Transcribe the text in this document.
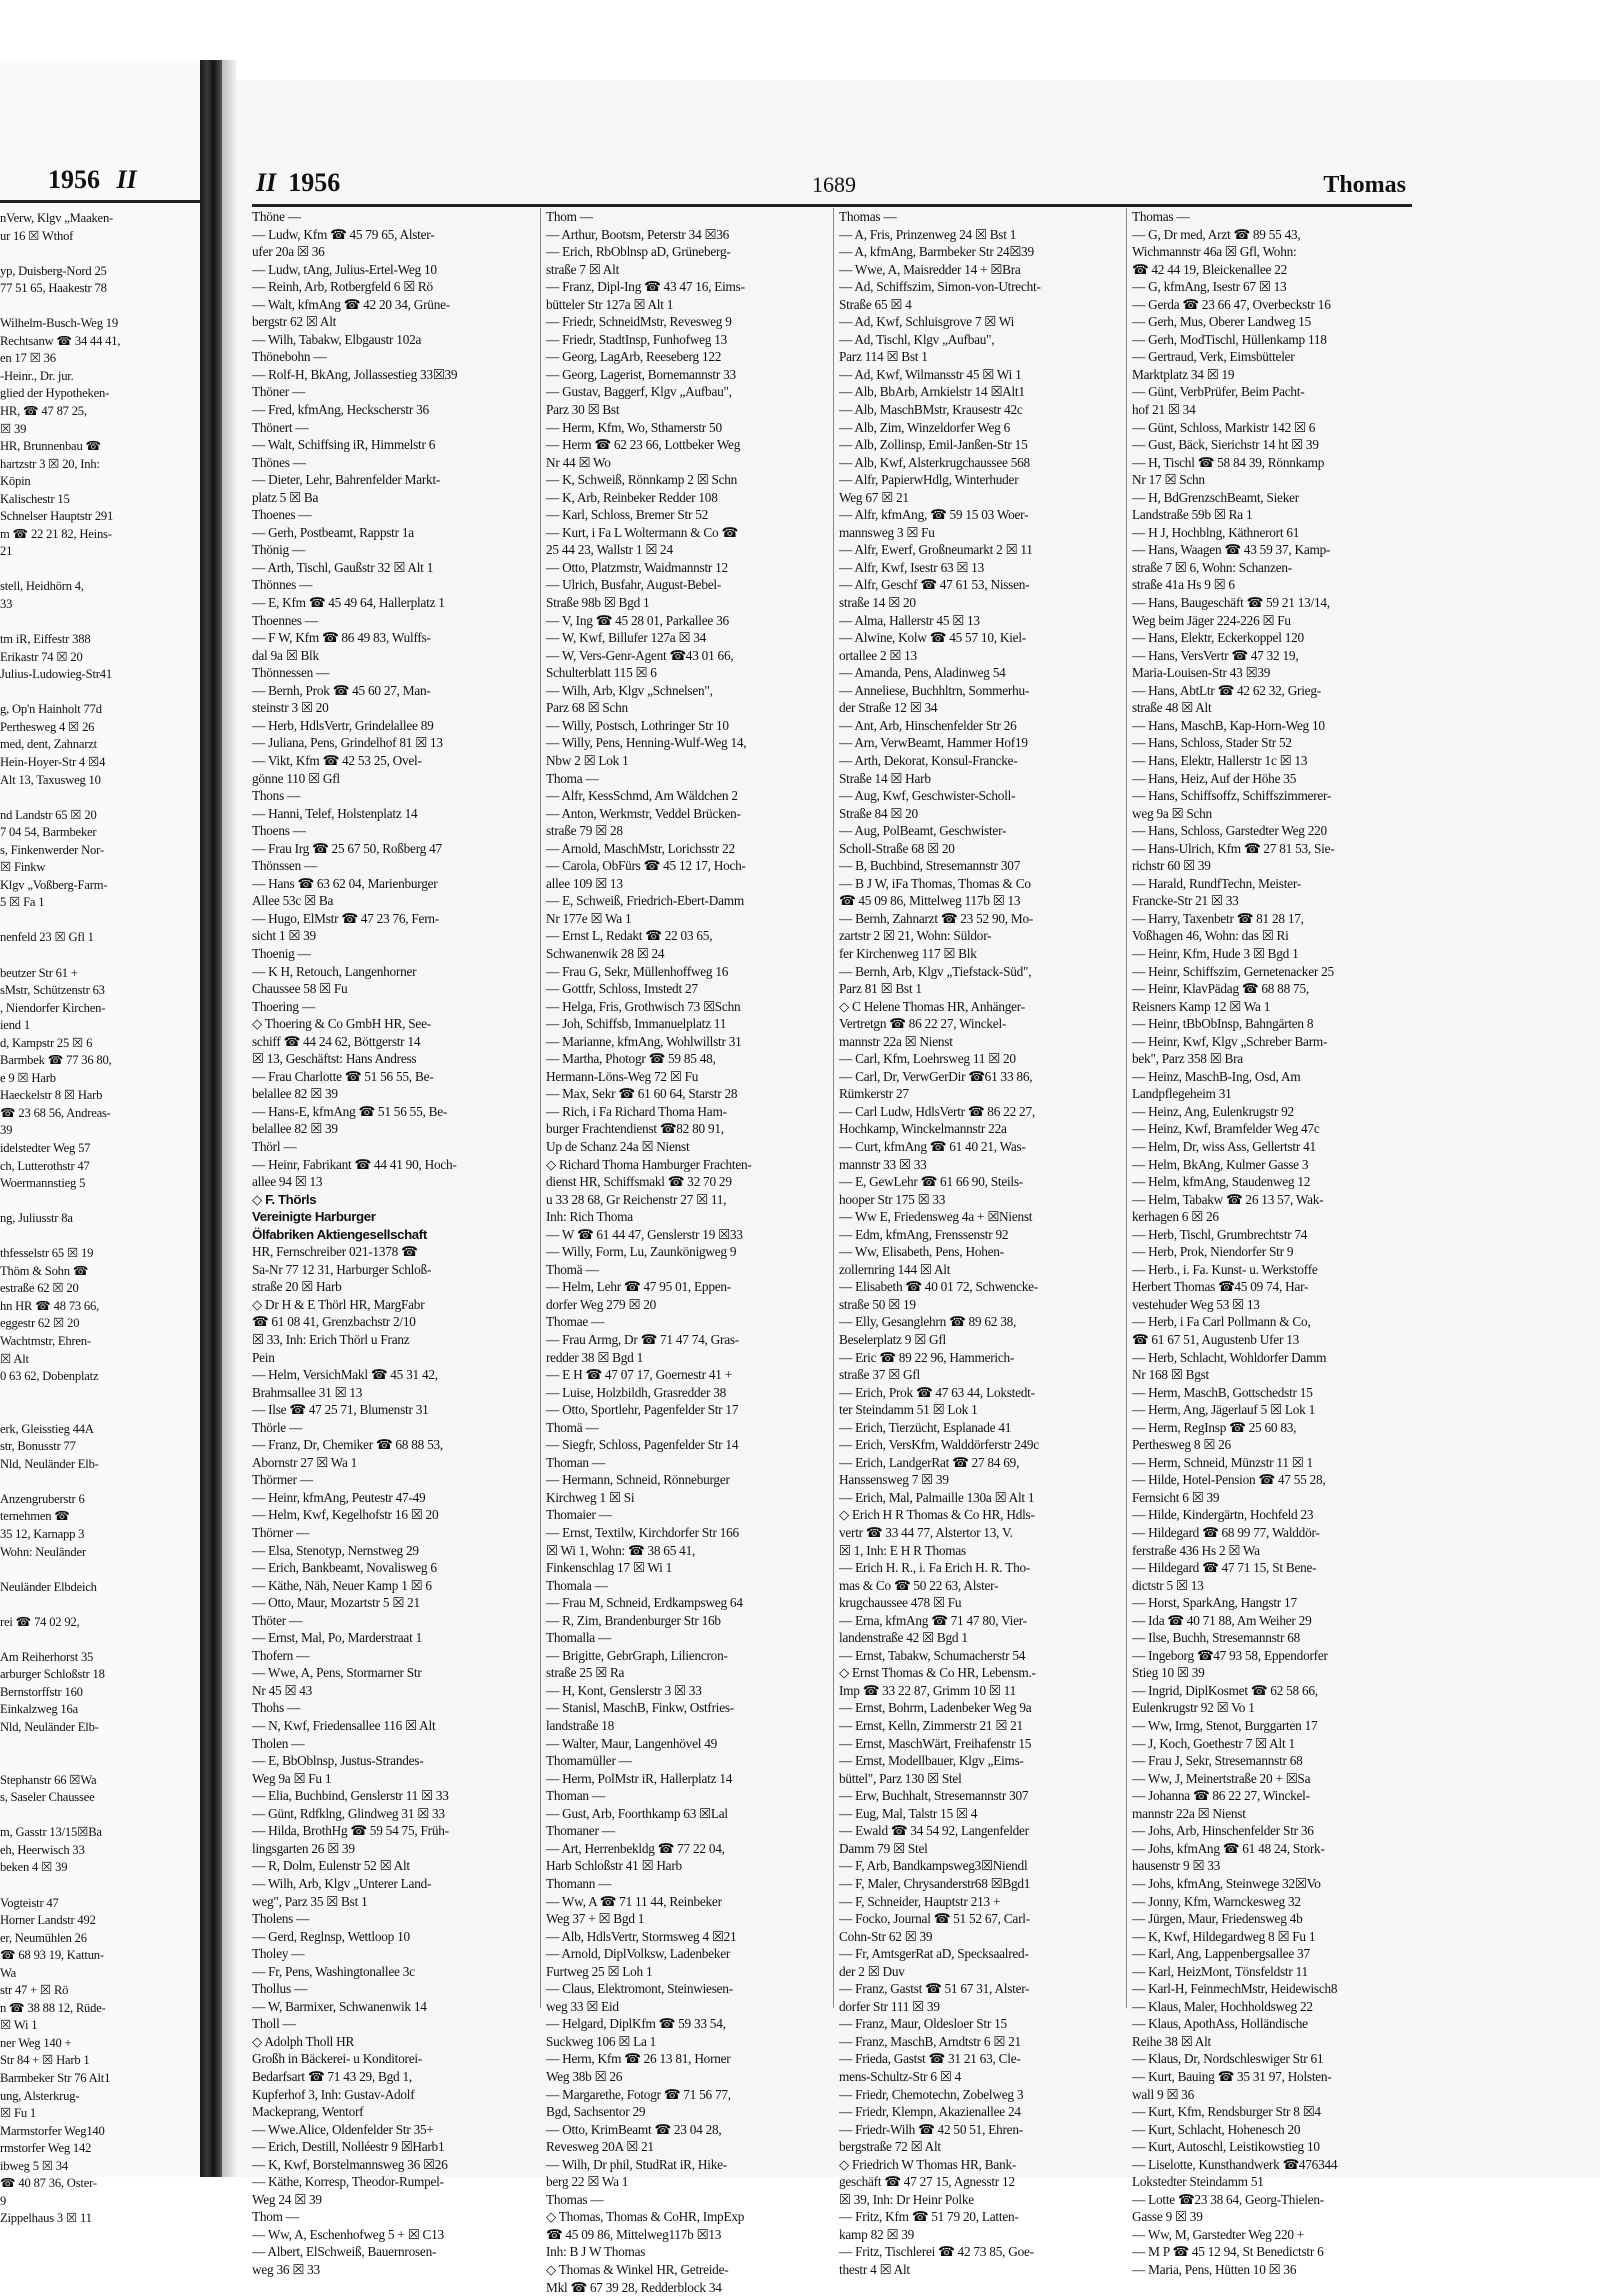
1956 II
nVerw, Klgv „Maaken-
ur 16 ☒ Wthof
yp, Duisberg-Nord 25
77 51 65, Haakestr 78
Wilhelm-Busch-Weg 19
Rechtsanw ☎ 34 44 41,
en 17 ☒ 36
-Heinr., Dr. jur.
glied der Hypotheken-
HR, ☎ 47 87 25,
☒ 39
HR, Brunnenbau ☎
hartzstr 3 ☒ 20, Inh:
Köpin
Kalischestr 15
Schnelser Hauptstr 291
m ☎ 22 21 82, Heins-
21
stell, Heidhörn 4,
33
tm iR, Eiffestr 388
Erikastr 74 ☒ 20
Julius-Ludowieg-Str41
g, Op'n Hainholt 77d
Perthesweg 4 ☒ 26
med, dent, Zahnarzt
Hein-Hoyer-Str 4 ☒4
Alt 13, Taxusweg 10
nd Landstr 65 ☒ 20
7 04 54, Barmbeker
s, Finkenwerder Nor-
☒ Finkw
Klgv „Voßberg-Farm-
5 ☒ Fa 1
nenfeld 23 ☒ Gfl 1
beutzer Str 61 +
sMstr, Schützenstr 63
, Niendorfer Kirchen-
iend 1
d, Kampstr 25 ☒ 6
Barmbek ☎ 77 36 80,
e 9 ☒ Harb
Haeckelstr 8 ☒ Harb
☎ 23 68 56, Andreas-
39
idelstedter Weg 57
ch, Lutterothstr 47
Woermannstieg 5
ng, Juliusstr 8a
thfesselstr 65 ☒ 19
Thöm & Sohn ☎
estraße 62 ☒ 20
hn HR ☎ 48 73 66,
eggestr 62 ☒ 20
Wachtmstr, Ehren-
☒ Alt
0 63 62, Dobenplatz
erk, Gleisstieg 44A
str, Bonusstr 77
Nld, Neuländer Elb-
Anzengruberstr 6
ternehmen ☎
35 12, Karnapp 3
Wohn: Neuländer
Neuländer Elbdeich
rei ☎ 74 02 92,
Am Reiherhorst 35
arburger Schloßstr 18
Bernstorffstr 160
Einkalzweg 16a
Nld, Neuländer Elb-
Stephanstr 66 ☒Wa
s, Saseler Chaussee
m, Gasstr 13/15☒Ba
eh, Heerwisch 33
beken 4 ☒ 39
Vogteistr 47
Horner Landstr 492
er, Neumühlen 26
☎ 68 93 19, Kattun-
Wa
str 47 + ☒ Rö
n ☎ 38 88 12, Rüde-
☒ Wi 1
ner Weg 140 +
Str 84 + ☒ Harb 1
Barmbeker Str 76 Alt1
ung, Alsterkrug-
☒ Fu 1
Marmstorfer Weg140
rmstorfer Weg 142
ibweg 5 ☒ 34
☎ 40 87 36, Oster-
9
Zippelhaus 3 ☒ 11
II 1956	1689	Thomas
Thöne —
— Ludw, Kfm ☎ 45 79 65, Alster-
ufer 20a ☒ 36
— Ludw, tAng, Julius-Ertel-Weg 10
— Reinh, Arb, Rotbergfeld 6 ☒ Rö
— Walt, kfmAng ☎ 42 20 34, Grüne-
bergstr 62 ☒ Alt
— Wilh, Tabakw, Elbgaustr 102a
Thönebohn —
— Rolf-H, BkAng, Jollassestieg 33☒39
Thöner —
— Fred, kfmAng, Heckscherstr 36
Thönert —
— Walt, Schiffsing iR, Himmelstr 6
Thönes —
— Dieter, Lehr, Bahrenfelder Markt-
platz 5 ☒ Ba
Thoenes —
— Gerh, Postbeamt, Rappstr 1a
Thönig —
— Arth, Tischl, Gaußstr 32 ☒ Alt 1
Thönnes —
— E, Kfm ☎ 45 49 64, Hallerplatz 1
Thoennes —
— F W, Kfm ☎ 86 49 83, Wulffs-
dal 9a ☒ Blk
Thönnessen —
— Bernh, Prok ☎ 45 60 27, Man-
steinstr 3 ☒ 20
— Herb, HdlsVertr, Grindelallee 89
— Juliana, Pens, Grindelhof 81 ☒ 13
— Vikt, Kfm ☎ 42 53 25, Ovel-
gönne 110 ☒ Gfl
Thons —
— Hanni, Telef, Holstenplatz 14
Thoens —
— Frau Irg ☎ 25 67 50, Roßberg 47
Thönssen —
— Hans ☎ 63 62 04, Marienburger
Allee 53c ☒ Ba
— Hugo, ElMstr ☎ 47 23 76, Fern-
sicht 1 ☒ 39
Thoenig —
— K H, Retouch, Langenhorner
Chaussee 58 ☒ Fu
Thoering —
◇ Thoering & Co GmbH HR, See-
schiff ☎ 44 24 62, Böttgerstr 14
☒ 13, Geschäftst: Hans Andress
— Frau Charlotte ☎ 51 56 55, Be-
belallee 82 ☒ 39
— Hans-E, kfmAng ☎ 51 56 55, Be-
belallee 82 ☒ 39
Thörl —
— Heinr, Fabrikant ☎ 44 41 90, Hoch-
allee 94 ☒ 13
◇ F. Thörls
Vereinigte Harburger
Ölfabriken Aktiengesellschaft
HR, Fernschreiber 021-1378 ☎
Sa-Nr 77 12 31, Harburger Schloß-
straße 20 ☒ Harb
◇ Dr H & E Thörl HR, MargFabr
☎ 61 08 41, Grenzbachstr 2/10
☒ 33, Inh: Erich Thörl u Franz
Pein
— Helm, VersichMakl ☎ 45 31 42,
Brahmsallee 31 ☒ 13
— Ilse ☎ 47 25 71, Blumenstr 31
Thörle —
— Franz, Dr, Chemiker ☎ 68 88 53,
Abornstr 27 ☒ Wa 1
Thörmer —
— Heinr, kfmAng, Peutestr 47-49
— Helm, Kwf, Kegelhofstr 16 ☒ 20
Thörner —
— Elsa, Stenotyp, Nernstweg 29
— Erich, Bankbeamt, Novalisweg 6
— Käthe, Näh, Neuer Kamp 1 ☒ 6
— Otto, Maur, Mozartstr 5 ☒ 21
Thöter —
— Ernst, Mal, Po, Marderstraat 1
Thofern —
— Wwe, A, Pens, Stormarner Str
Nr 45 ☒ 43
Thohs —
— N, Kwf, Friedensallee 116 ☒ Alt
Tholen —
— E, BbOblnsp, Justus-Strandes-
Weg 9a ☒ Fu 1
— Elia, Buchbind, Genslerstr 11 ☒ 33
— Günt, Rdfklng, Glindweg 31 ☒ 33
— Hilda, BrothHg ☎ 59 54 75, Früh-
lingsgarten 26 ☒ 39
— R, Dolm, Eulenstr 52 ☒ Alt
— Wilh, Arb, Klgv „Unterer Land-
weg", Parz 35 ☒ Bst 1
Tholens —
— Gerd, Reglnsp, Wettloop 10
Tholey —
— Fr, Pens, Washingtonallee 3c
Thollus —
— W, Barmixer, Schwanenwik 14
Tholl —
◇ Adolph Tholl HR
Großh in Bäckerei- u Konditorei-
Bedarfsart ☎ 71 43 29, Bgd 1,
Kupferhof 3, Inh: Gustav-Adolf
Mackeprang, Wentorf
— Wwe.Alice, Oldenfelder Str 35+
— Erich, Destill, Nolléestr 9 ☒Harb1
— K, Kwf, Borstelmannsweg 36 ☒26
— Käthe, Korresp, Theodor-Rumpel-
Weg 24 ☒ 39
Thom —
— Ww, A, Eschenhofweg 5 + ☒ C13
— Albert, ElSchweiß, Bauernrosen-
weg 36 ☒ 33
Thom —
— Arthur, Bootsm, Peterstr 34 ☒36
— Erich, RbOblnsp aD, Grüneberg-
straße 7 ☒ Alt
— Franz, Dipl-Ing ☎ 43 47 16, Eims-
bütteler Str 127a ☒ Alt 1
— Friedr, SchneidMstr, Revesweg 9
— Friedr, StadtInsp, Funhofweg 13
— Georg, LagArb, Reeseberg 122
— Georg, Lagerist, Bornemannstr 33
— Gustav, Baggerf, Klgv „Aufbau",
Parz 30 ☒ Bst
— Herm, Kfm, Wo, Sthamerstr 50
— Herm ☎ 62 23 66, Lottbeker Weg
Nr 44 ☒ Wo
— K, Schweiß, Rönnkamp 2 ☒ Schn
— K, Arb, Reinbeker Redder 108
— Karl, Schloss, Bremer Str 52
— Kurt, i Fa L Woltermann & Co ☎
25 44 23, Wallstr 1 ☒ 24
— Otto, Platzmstr, Waidmannstr 12
— Ulrich, Busfahr, August-Bebel-
Straße 98b ☒ Bgd 1
— V, Ing ☎ 45 28 01, Parkallee 36
— W, Kwf, Billufer 127a ☒ 34
— W, Vers-Genr-Agent ☎43 01 66,
Schulterblatt 115 ☒ 6
— Wilh, Arb, Klgv „Schnelsen",
Parz 68 ☒ Schn
— Willy, Postsch, Lothringer Str 10
— Willy, Pens, Henning-Wulf-Weg 14,
Nbw 2 ☒ Lok 1
Thoma —
— Alfr, KessSchmd, Am Wäldchen 2
— Anton, Werkmstr, Veddel Brücken-
straße 79 ☒ 28
— Arnold, MaschMstr, Lorichsstr 22
— Carola, ObFürs ☎ 45 12 17, Hoch-
allee 109 ☒ 13
— E, Schweiß, Friedrich-Ebert-Damm
Nr 177e ☒ Wa 1
— Ernst L, Redakt ☎ 22 03 65,
Schwanenwik 28 ☒ 24
— Frau G, Sekr, Müllenhoffweg 16
— Gottfr, Schloss, Imstedt 27
— Helga, Fris, Grothwisch 73 ☒Schn
— Joh, Schiffsb, Immanuelplatz 11
— Marianne, kfmAng, Wohlwillstr 31
— Martha, Photogr ☎ 59 85 48,
Hermann-Löns-Weg 72 ☒ Fu
— Max, Sekr ☎ 61 60 64, Starstr 28
— Rich, i Fa Richard Thoma Ham-
burger Frachtendienst ☎82 80 91,
Up de Schanz 24a ☒ Nienst
◇ Richard Thoma Hamburger Frachten-
dienst HR, Schiffsmakl ☎ 32 70 29
u 33 28 68, Gr Reichenstr 27 ☒ 11,
Inh: Rich Thoma
— W ☎ 61 44 47, Genslerstr 19 ☒33
— Willy, Form, Lu, Zaunkönigweg 9
Thomä —
— Helm, Lehr ☎ 47 95 01, Eppen-
dorfer Weg 279 ☒ 20
Thomae —
— Frau Armg, Dr ☎ 71 47 74, Gras-
redder 38 ☒ Bgd 1
— E H ☎ 47 07 17, Goernestr 41 +
— Luise, Holzbildh, Grasredder 38
— Otto, Sportlehr, Pagenfelder Str 17
Thomä —
— Siegfr, Schloss, Pagenfelder Str 14
Thoman —
— Hermann, Schneid, Rönneburger
Kirchweg 1 ☒ Si
Thomaier —
— Ernst, Textilw, Kirchdorfer Str 166
☒ Wi 1, Wohn: ☎ 38 65 41,
Finkenschlag 17 ☒ Wi 1
Thomala —
— Frau M, Schneid, Erdkampsweg 64
— R, Zim, Brandenburger Str 16b
Thomalla —
— Brigitte, GebrGraph, Liliencron-
straße 25 ☒ Ra
— H, Kont, Genslerstr 3 ☒ 33
— Stanisl, MaschB, Finkw, Ostfries-
landstraße 18
— Walter, Maur, Langenhövel 49
Thomamüller —
— Herm, PolMstr iR, Hallerplatz 14
Thoman —
— Gust, Arb, Foorthkamp 63 ☒Lal
Thomaner —
— Art, Herrenbekldg ☎ 77 22 04,
Harb Schloßstr 41 ☒ Harb
Thomann —
— Ww, A ☎ 71 11 44, Reinbeker
Weg 37 + ☒ Bgd 1
— Alb, HdlsVertr, Stormsweg 4 ☒21
— Arnold, DiplVolksw, Ladenbeker
Furtweg 25 ☒ Loh 1
— Claus, Elektromont, Steinwiesen-
weg 33 ☒ Eid
— Helgard, DiplKfm ☎ 59 33 54,
Suckweg 106 ☒ La 1
— Herm, Kfm ☎ 26 13 81, Horner
Weg 38b ☒ 26
— Margarethe, Fotogr ☎ 71 56 77,
Bgd, Sachsentor 29
— Otto, KrimBeamt ☎ 23 04 28,
Revesweg 20A ☒ 21
— Wilh, Dr phil, StudRat iR, Hike-
berg 22 ☒ Wa 1
Thomas —
◇ Thomas, Thomas & CoHR, ImpExp
☎ 45 09 86, Mittelweg117b ☒13
Inh: B J W Thomas
◇ Thomas & Winkel HR, Getreide-
Mkl ☎ 67 39 28, Redderblock 34
Thomas —
— A, Fris, Prinzenweg 24 ☒ Bst 1
— A, kfmAng, Barmbeker Str 24☒39
— Wwe, A, Maisredder 14 + ☒Bra
— Ad, Schiffszim, Simon-von-Utrecht-
Straße 65 ☒ 4
— Ad, Kwf, Schluisgrove 7 ☒ Wi
— Ad, Tischl, Klgv „Aufbau",
Parz 114 ☒ Bst 1
— Ad, Kwf, Wilmansstr 45 ☒ Wi 1
— Alb, BbArb, Arnkielstr 14 ☒Alt1
— Alb, MaschBMstr, Krausestr 42c
— Alb, Zim, Winzeldorfer Weg 6
— Alb, Zollinsp, Emil-Janßen-Str 15
— Alb, Kwf, Alsterkrugchaussee 568
— Alfr, PapierwHdlg, Winterhuder
Weg 67 ☒ 21
— Alfr, kfmAng, ☎ 59 15 03 Woer-
mannsweg 3 ☒ Fu
— Alfr, Ewerf, Großneumarkt 2 ☒ 11
— Alfr, Kwf, Isestr 63 ☒ 13
— Alfr, Geschf ☎ 47 61 53, Nissen-
straße 14 ☒ 20
— Alma, Hallerstr 45 ☒ 13
— Alwine, Kolw ☎ 45 57 10, Kiel-
ortallee 2 ☒ 13
— Amanda, Pens, Aladinweg 54
— Anneliese, Buchhltrn, Sommerhu-
der Straße 12 ☒ 34
— Ant, Arb, Hinschenfelder Str 26
— Arn, VerwBeamt, Hammer Hof19
— Arth, Dekorat, Konsul-Francke-
Straße 14 ☒ Harb
— Aug, Kwf, Geschwister-Scholl-
Straße 84 ☒ 20
— Aug, PolBeamt, Geschwister-
Scholl-Straße 68 ☒ 20
— B, Buchbind, Stresemannstr 307
— B J W, iFa Thomas, Thomas & Co
☎ 45 09 86, Mittelweg 117b ☒ 13
— Bernh, Zahnarzt ☎ 23 52 90, Mo-
zartstr 2 ☒ 21, Wohn: Süldor-
fer Kirchenweg 117 ☒ Blk
— Bernh, Arb, Klgv „Tiefstack-Süd",
Parz 81 ☒ Bst 1
◇ C Helene Thomas HR, Anhänger-
Vertretgn ☎ 86 22 27, Winckel-
mannstr 22a ☒ Nienst
— Carl, Kfm, Loehrsweg 11 ☒ 20
— Carl, Dr, VerwGerDir ☎61 33 86,
Rümkerstr 27
— Carl Ludw, HdlsVertr ☎ 86 22 27,
Hochkamp, Winckelmannstr 22a
— Curt, kfmAng ☎ 61 40 21, Was-
mannstr 33 ☒ 33
— E, GewLehr ☎ 61 66 90, Steils-
hooper Str 175 ☒ 33
— Ww E, Friedensweg 4a + ☒Nienst
— Edm, kfmAng, Frenssenstr 92
— Ww, Elisabeth, Pens, Hohen-
zollernring 144 ☒ Alt
— Elisabeth ☎ 40 01 72, Schwencke-
straße 50 ☒ 19
— Elly, Gesanglehrn ☎ 89 62 38,
Beselerplatz 9 ☒ Gfl
— Eric ☎ 89 22 96, Hammerich-
straße 37 ☒ Gfl
— Erich, Prok ☎ 47 63 44, Lokstedt-
ter Steindamm 51 ☒ Lok 1
— Erich, Tierzücht, Esplanade 41
— Erich, VersKfm, Walddörferstr 249c
— Erich, LandgerRat ☎ 27 84 69,
Hanssensweg 7 ☒ 39
— Erich, Mal, Palmaille 130a ☒ Alt 1
◇ Erich H R Thomas & Co HR, Hdls-
vertr ☎ 33 44 77, Alstertor 13, V.
☒ 1, Inh: E H R Thomas
— Erich H. R., i. Fa Erich H. R. Tho-
mas & Co ☎ 50 22 63, Alster-
krugchaussee 478 ☒ Fu
— Erna, kfmAng ☎ 71 47 80, Vier-
landenstraße 42 ☒ Bgd 1
— Ernst, Tabakw, Schumacherstr 54
◇ Ernst Thomas & Co HR, Lebensm.-
Imp ☎ 33 22 87, Grimm 10 ☒ 11
— Ernst, Bohrm, Ladenbeker Weg 9a
— Ernst, Kelln, Zimmerstr 21 ☒ 21
— Ernst, MaschWärt, Freihafenstr 15
— Ernst, Modellbauer, Klgv „Eims-
büttel", Parz 130 ☒ Stel
— Erw, Buchhalt, Stresemannstr 307
— Eug, Mal, Talstr 15 ☒ 4
— Ewald ☎ 34 54 92, Langenfelder
Damm 79 ☒ Stel
— F, Arb, Bandkampsweg3☒Niendl
— F, Maler, Chrysanderstr68 ☒Bgd1
— F, Schneider, Hauptstr 213 +
— Focko, Journal ☎ 51 52 67, Carl-
Cohn-Str 62 ☒ 39
— Fr, AmtsgerRat aD, Specksaalred-
der 2 ☒ Duv
— Franz, Gastst ☎ 51 67 31, Alster-
dorfer Str 111 ☒ 39
— Franz, Maur, Oldesloer Str 15
— Franz, MaschB, Arndtstr 6 ☒ 21
— Frieda, Gastst ☎ 31 21 63, Cle-
mens-Schultz-Str 6 ☒ 4
— Friedr, Chemotechn, Zobelweg 3
— Friedr, Klempn, Akazienallee 24
— Friedr-Wilh ☎ 42 50 51, Ehren-
bergstraße 72 ☒ Alt
◇ Friedrich W Thomas HR, Bank-
geschäft ☎ 47 27 15, Agnesstr 12
☒ 39, Inh: Dr Heinr Polke
— Fritz, Kfm ☎ 51 79 20, Latten-
kamp 82 ☒ 39
— Fritz, Tischlerei ☎ 42 73 85, Goe-
thestr 4 ☒ Alt
Thomas —
— G, Dr med, Arzt ☎ 89 55 43,
Wichmannstr 46a ☒ Gfl, Wohn:
☎ 42 44 19, Bleickenallee 22
— G, kfmAng, Isestr 67 ☒ 13
— Gerda ☎ 23 66 47, Overbeckstr 16
— Gerh, Mus, Oberer Landweg 15
— Gerh, ModTischl, Hüllenkamp 118
— Gertraud, Verk, Eimsbütteler
Marktplatz 34 ☒ 19
— Günt, VerbPrüfer, Beim Pacht-
hof 21 ☒ 34
— Günt, Schloss, Markistr 142 ☒ 6
— Gust, Bäck, Sierichstr 14 ht ☒ 39
— H, Tischl ☎ 58 84 39, Rönnkamp
Nr 17 ☒ Schn
— H, BdGrenzschBeamt, Sieker
Landstraße 59b ☒ Ra 1
— H J, Hochblng, Käthnerort 61
— Hans, Waagen ☎ 43 59 37, Kamp-
straße 7 ☒ 6, Wohn: Schanzen-
straße 41a Hs 9 ☒ 6
— Hans, Baugeschäft ☎ 59 21 13/14,
Weg beim Jäger 224-226 ☒ Fu
— Hans, Elektr, Eckerkoppel 120
— Hans, VersVertr ☎ 47 32 19,
Maria-Louisen-Str 43 ☒39
— Hans, AbtLtr ☎ 42 62 32, Grieg-
straße 48 ☒ Alt
— Hans, MaschB, Kap-Horn-Weg 10
— Hans, Schloss, Stader Str 52
— Hans, Elektr, Hallerstr 1c ☒ 13
— Hans, Heiz, Auf der Höhe 35
— Hans, Schiffsoffz, Schiffszimmerer-
weg 9a ☒ Schn
— Hans, Schloss, Garstedter Weg 220
— Hans-Ulrich, Kfm ☎ 27 81 53, Sie-
richstr 60 ☒ 39
— Harald, RundfTechn, Meister-
Francke-Str 21 ☒ 33
— Harry, Taxenbetr ☎ 81 28 17,
Voßhagen 46, Wohn: das ☒ Ri
— Heinr, Kfm, Hude 3 ☒ Bgd 1
— Heinr, Schiffszim, Gernetenacker 25
— Heinr, KlavPädag ☎ 68 88 75,
Reisners Kamp 12 ☒ Wa 1
— Heinr, tBbObInsp, Bahngärten 8
— Heinr, Kwf, Klgv „Schreber Barm-
bek", Parz 358 ☒ Bra
— Heinz, MaschB-Ing, Osd, Am
Landpflegeheim 31
— Heinz, Ang, Eulenkrugstr 92
— Heinz, Kwf, Bramfelder Weg 47c
— Helm, Dr, wiss Ass, Gellertstr 41
— Helm, BkAng, Kulmer Gasse 3
— Helm, kfmAng, Staudenweg 12
— Helm, Tabakw ☎ 26 13 57, Wak-
kerhagen 6 ☒ 26
— Herb, Tischl, Grumbrechtstr 74
— Herb, Prok, Niendorfer Str 9
— Herb., i. Fa. Kunst- u. Werkstoffe
Herbert Thomas ☎45 09 74, Har-
vestehuder Weg 53 ☒ 13
— Herb, i Fa Carl Pollmann & Co,
☎ 61 67 51, Augustenb Ufer 13
— Herb, Schlacht, Wohldorfer Damm
Nr 168 ☒ Bgst
— Herm, MaschB, Gottschedstr 15
— Herm, Ang, Jägerlauf 5 ☒ Lok 1
— Herm, RegInsp ☎ 25 60 83,
Perthesweg 8 ☒ 26
— Herm, Schneid, Münzstr 11 ☒ 1
— Hilde, Hotel-Pension ☎ 47 55 28,
Fernsicht 6 ☒ 39
— Hilde, Kindergärtn, Hochfeld 23
— Hildegard ☎ 68 99 77, Walddör-
ferstraße 436 Hs 2 ☒ Wa
— Hildegard ☎ 47 71 15, St Bene-
dictstr 5 ☒ 13
— Horst, SparkAng, Hangstr 17
— Ida ☎ 40 71 88, Am Weiher 29
— Ilse, Buchh, Stresemannstr 68
— Ingeborg ☎47 93 58, Eppendorfer
Stieg 10 ☒ 39
— Ingrid, DiplKosmet ☎ 62 58 66,
Eulenkrugstr 92 ☒ Vo 1
— Ww, Irmg, Stenot, Burggarten 17
— J, Koch, Goethestr 7 ☒ Alt 1
— Frau J, Sekr, Stresemannstr 68
— Ww, J, Meinertstraße 20 + ☒Sa
— Johanna ☎ 86 22 27, Winckel-
mannstr 22a ☒ Nienst
— Johs, Arb, Hinschenfelder Str 36
— Johs, kfmAng ☎ 61 48 24, Stork-
hausenstr 9 ☒ 33
— Johs, kfmAng, Steinwege 32☒Vo
— Jonny, Kfm, Warnckesweg 32
— Jürgen, Maur, Friedensweg 4b
— K, Kwf, Hildegardweg 8 ☒ Fu 1
— Karl, Ang, Lappenbergsallee 37
— Karl, HeizMont, Tönsfeldstr 11
— Karl-H, FeinmechMstr, Heidewisch8
— Klaus, Maler, Hochholdsweg 22
— Klaus, ApothAss, Holländische
Reihe 38 ☒ Alt
— Klaus, Dr, Nordschleswiger Str 61
— Kurt, Bauing ☎ 35 31 97, Holsten-
wall 9 ☒ 36
— Kurt, Kfm, Rendsburger Str 8 ☒4
— Kurt, Schlacht, Hohenesch 20
— Kurt, Autoschl, Leistikowstieg 10
— Liselotte, Kunsthandwerk ☎476344
Lokstedter Steindamm 51
— Lotte ☎23 38 64, Georg-Thielen-
Gasse 9 ☒ 39
— Ww, M, Garstedter Weg 220 +
— M P ☎ 45 12 94, St Benedictstr 6
— Maria, Pens, Hütten 10 ☒ 36
